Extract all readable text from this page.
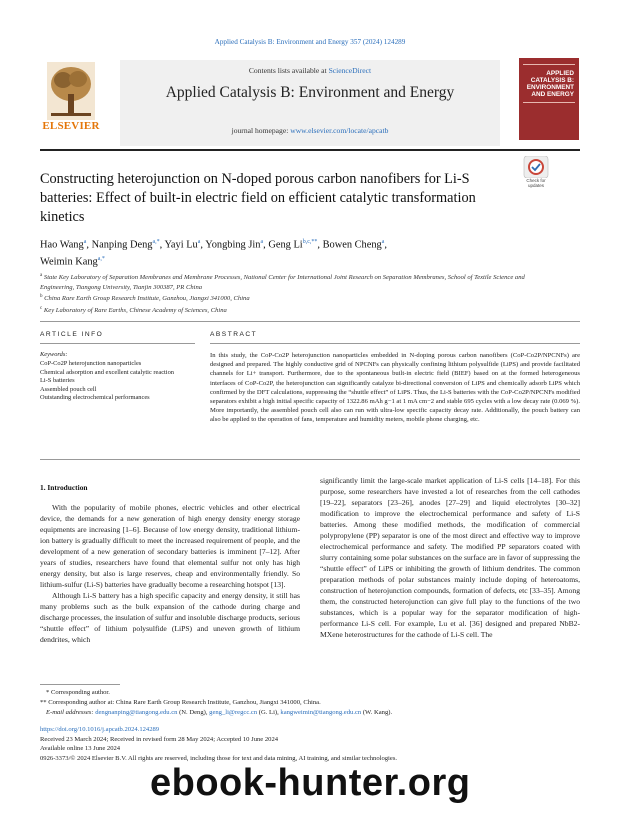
Applied Catalysis B: Environment and Energy 357 (2024) 124289
ELSEVIER
Contents lists available at ScienceDirect
Applied Catalysis B: Environment and Energy
journal homepage: www.elsevier.com/locate/apcatb
APPLIED
CATALYSIS B:
ENVIRONMENT
AND ENERGY
Check for
updates
Constructing heterojunction on N-doped porous carbon nanofibers for Li-S batteries: Effect of built-in electric field on efficient catalytic transformation kinetics
Hao Wang$^a$, Nanping Deng$^{a,*}$, Yayi Lu$^a$, Yongbing Jin$^a$, Geng $Li^{b,c,**}$, Bowen Cheng$^a$,
Weimin Kang$^{a,*}$
$^a$ State Key Laboratory of Separation Membranes and Membrane Processes, National Center for International Joint Research on Separation Membranes, School of Textile Science and Engineering, Tiangong University, Tianjin 300387, PR China
$^b$ China Rare Earth Group Research Institute, Ganzhou, Jiangxi 341000, China
$^c$ Key Laboratory of Rare Earths, Chinese Academy of Sciences, China
ARTICLE INFO	ABSTRACT
Keywords:
CoP-Co2P heterojunction nanoparticles
Chemical adsorption and excellent catalytic reaction
Li-S batteries
Assembled pouch cell
Outstanding electrochemical performances
In this study, the CoP-Co2P heterojunction nanoparticles embedded in N-doping porous carbon nanofibers (CoP-Co2P/NPCNFs) are designed and prepared. The highly conductive grid of NPCNFs can physically confining lithium polysulfide (LiPS) and provide facilitated channels for Li+ transport. Furthermore, due to the spontaneous built-in electric field (BIEF) based on at the formed heterogeneous interfaces of CoP-Co2P, the heterojunction can significantly catalyze bi-directional conversion of LiPS and chemically adsorb LiPS which confirmed by the DFT calculations, suppressing the “shuttle effect” of LiPS. Thus, the Li-S batteries with the CoP-Co2P/NPCNFs modified separators exhibit a high initial specific capacity of 1322.86 mAh g−1 at 1 mA cm−2 and stable 695 cycles with a low decay rate (0.069 %). More importantly, the assembled pouch cell also can run with ultra-low specific capacity decay rate. Additionally, the pouch battery can also be applied to the operation of fans, temperature and humidity meters, mobile phone charging, etc.
1. Introduction

With the popularity of mobile phones, electric vehicles and other electrical device, the demands for a new generation of high energy density energy storage equipments are increasing [1–6]. Because of low energy density, traditional lithium-ion battery is gradually difficult to meet the increased requirement of people, and the development of a new generation of secondary batteries is imminent [7–12]. After years of studies, researchers have found that elemental sulfur not only has high energy density, but also is large reserves, cheap and environmentally friendly. So lithium-sulfur (Li-S) batteries have gradually become a researching hotspot [13].

Although Li-S battery has a high specific capacity and energy density, it still has many problems such as the bulk expansion of the cathode during charge and discharge processes, the insulation of sulfur and insoluble discharge products, serious “shuttle effect” of lithium polysulfide (LiPS) and uneven growth of lithium dendrites, which

significantly limit the large-scale market application of Li-S cells [14–18]. For this purpose, some researchers have invested a lot of researches from the cell cathodes [19–22], separators [23–26], anodes [27–29] and liquid electrolytes [30–32] modification to improve the electrochemical performance and safety of Li-S batteries. Among these modified methods, the modification of commercial polypropylene (PP) separator is one of the most direct and effective way to improve electrochemical performance and safety. The modified PP separators coated with slurry containing some polar substances on the surface are in favor of suppressing the “shuttle effect” of LiPS or inhibiting the growth of lithium dendrites. The common preparation methods of polar substances mainly include doping of heteroatoms, construction of heterojunction compounds, formation of defects, etc [33–35]. Among them, the constructed heterojunction can give full play to the functions of the two substances, which is a popular way for the separator modification of high-performance Li-S cell. For example, Lu et al. [36] designed and prepared NbB2-MXene heterostructures for the cathode of Li-S cell. The

* Corresponding author.
** Corresponding author at: China Rare Earth Group Research Institute, Ganzhou, Jiangxi 341000, China.
E-mail addresses: dengnanping@tiangong.edu.cn (N. Deng), geng_li@regcc.cn (G. Li), kangweimin@tiangong.edu.cn (W. Kang).
https://doi.org/10.1016/j.apcatb.2024.124289
Received 23 March 2024; Received in revised form 28 May 2024; Accepted 10 June 2024
Available online 13 June 2024
0926-3373/© 2024 Elsevier B.V. All rights are reserved, including those for text and data mining, AI training, and similar technologies.
ebook-hunter.org
